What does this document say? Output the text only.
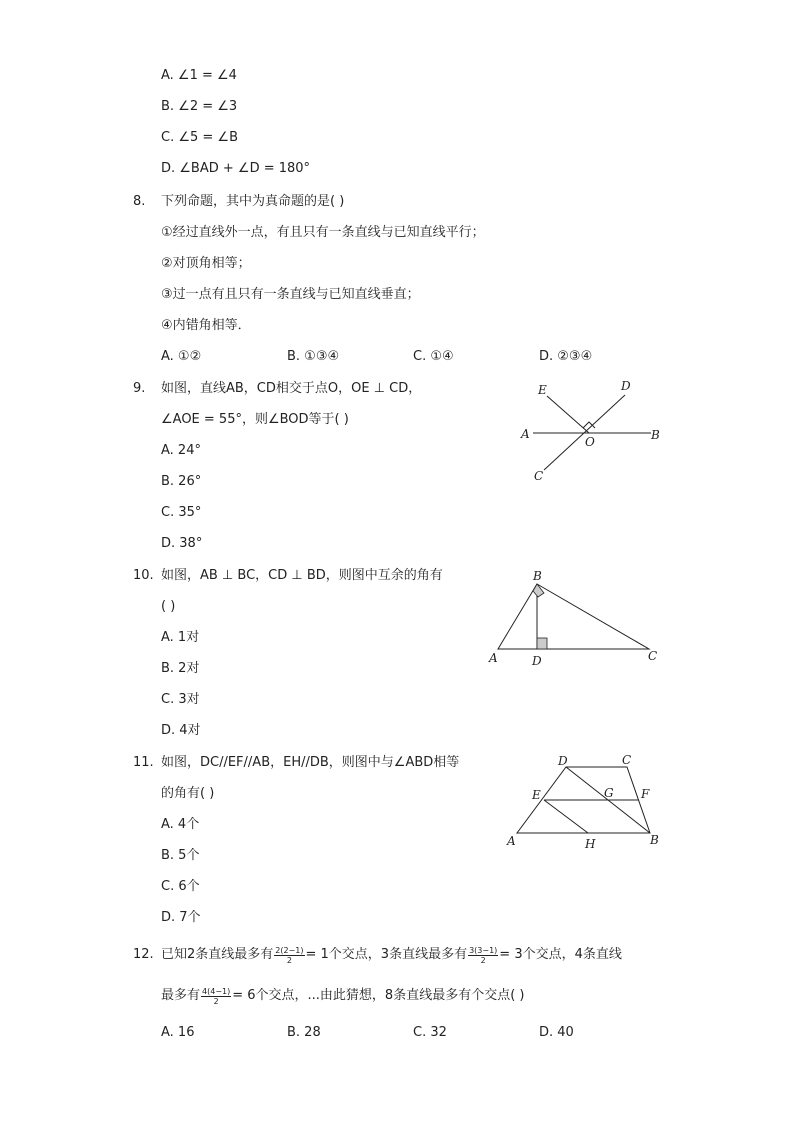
A. ∠1 = ∠4
B. ∠2 = ∠3
C. ∠5 = ∠B
D. ∠BAD + ∠D = 180°
8. 下列命题，其中为真命题的是( )
①经过直线外一点，有且只有一条直线与已知直线平行；
②对顶角相等；
③过一点有且只有一条直线与已知直线垂直；
④内错角相等．
A. ①②	B. ①③④	C. ①④	D. ②③④
9. 如图，直线AB，CD相交于点O，OE ⊥ CD，
∠AOE = 55°，则∠BOD等于( )
A. 24°
B. 26°
C. 35°
D. 38°
A	B
C
D
E
O
10. 如图，AB ⊥ BC，CD ⊥ BD，则图中互余的角有
( )
A. 1对
B. 2对
C. 3对
D. 4对
B
A	D	C
11. 如图，DC//EF//AB，EH//DB，则图中与∠ABD相等
的角有( )
A. 4个
B. 5个
C. 6个
D. 7个
D	C
E	G F
A	H	B
12. 已知2条直线最多有 $\frac{2(2-1)}{2} = 1$个交点，3条直线最多有 $\frac{3(3-1)}{2} = 3$个交点，4条直线
最多有 $\frac{4(4-1)}{2} = 6$个交点，...由此猜想，8条直线最多有个交点( )
A. 16	B. 28	C. 32	D. 40
